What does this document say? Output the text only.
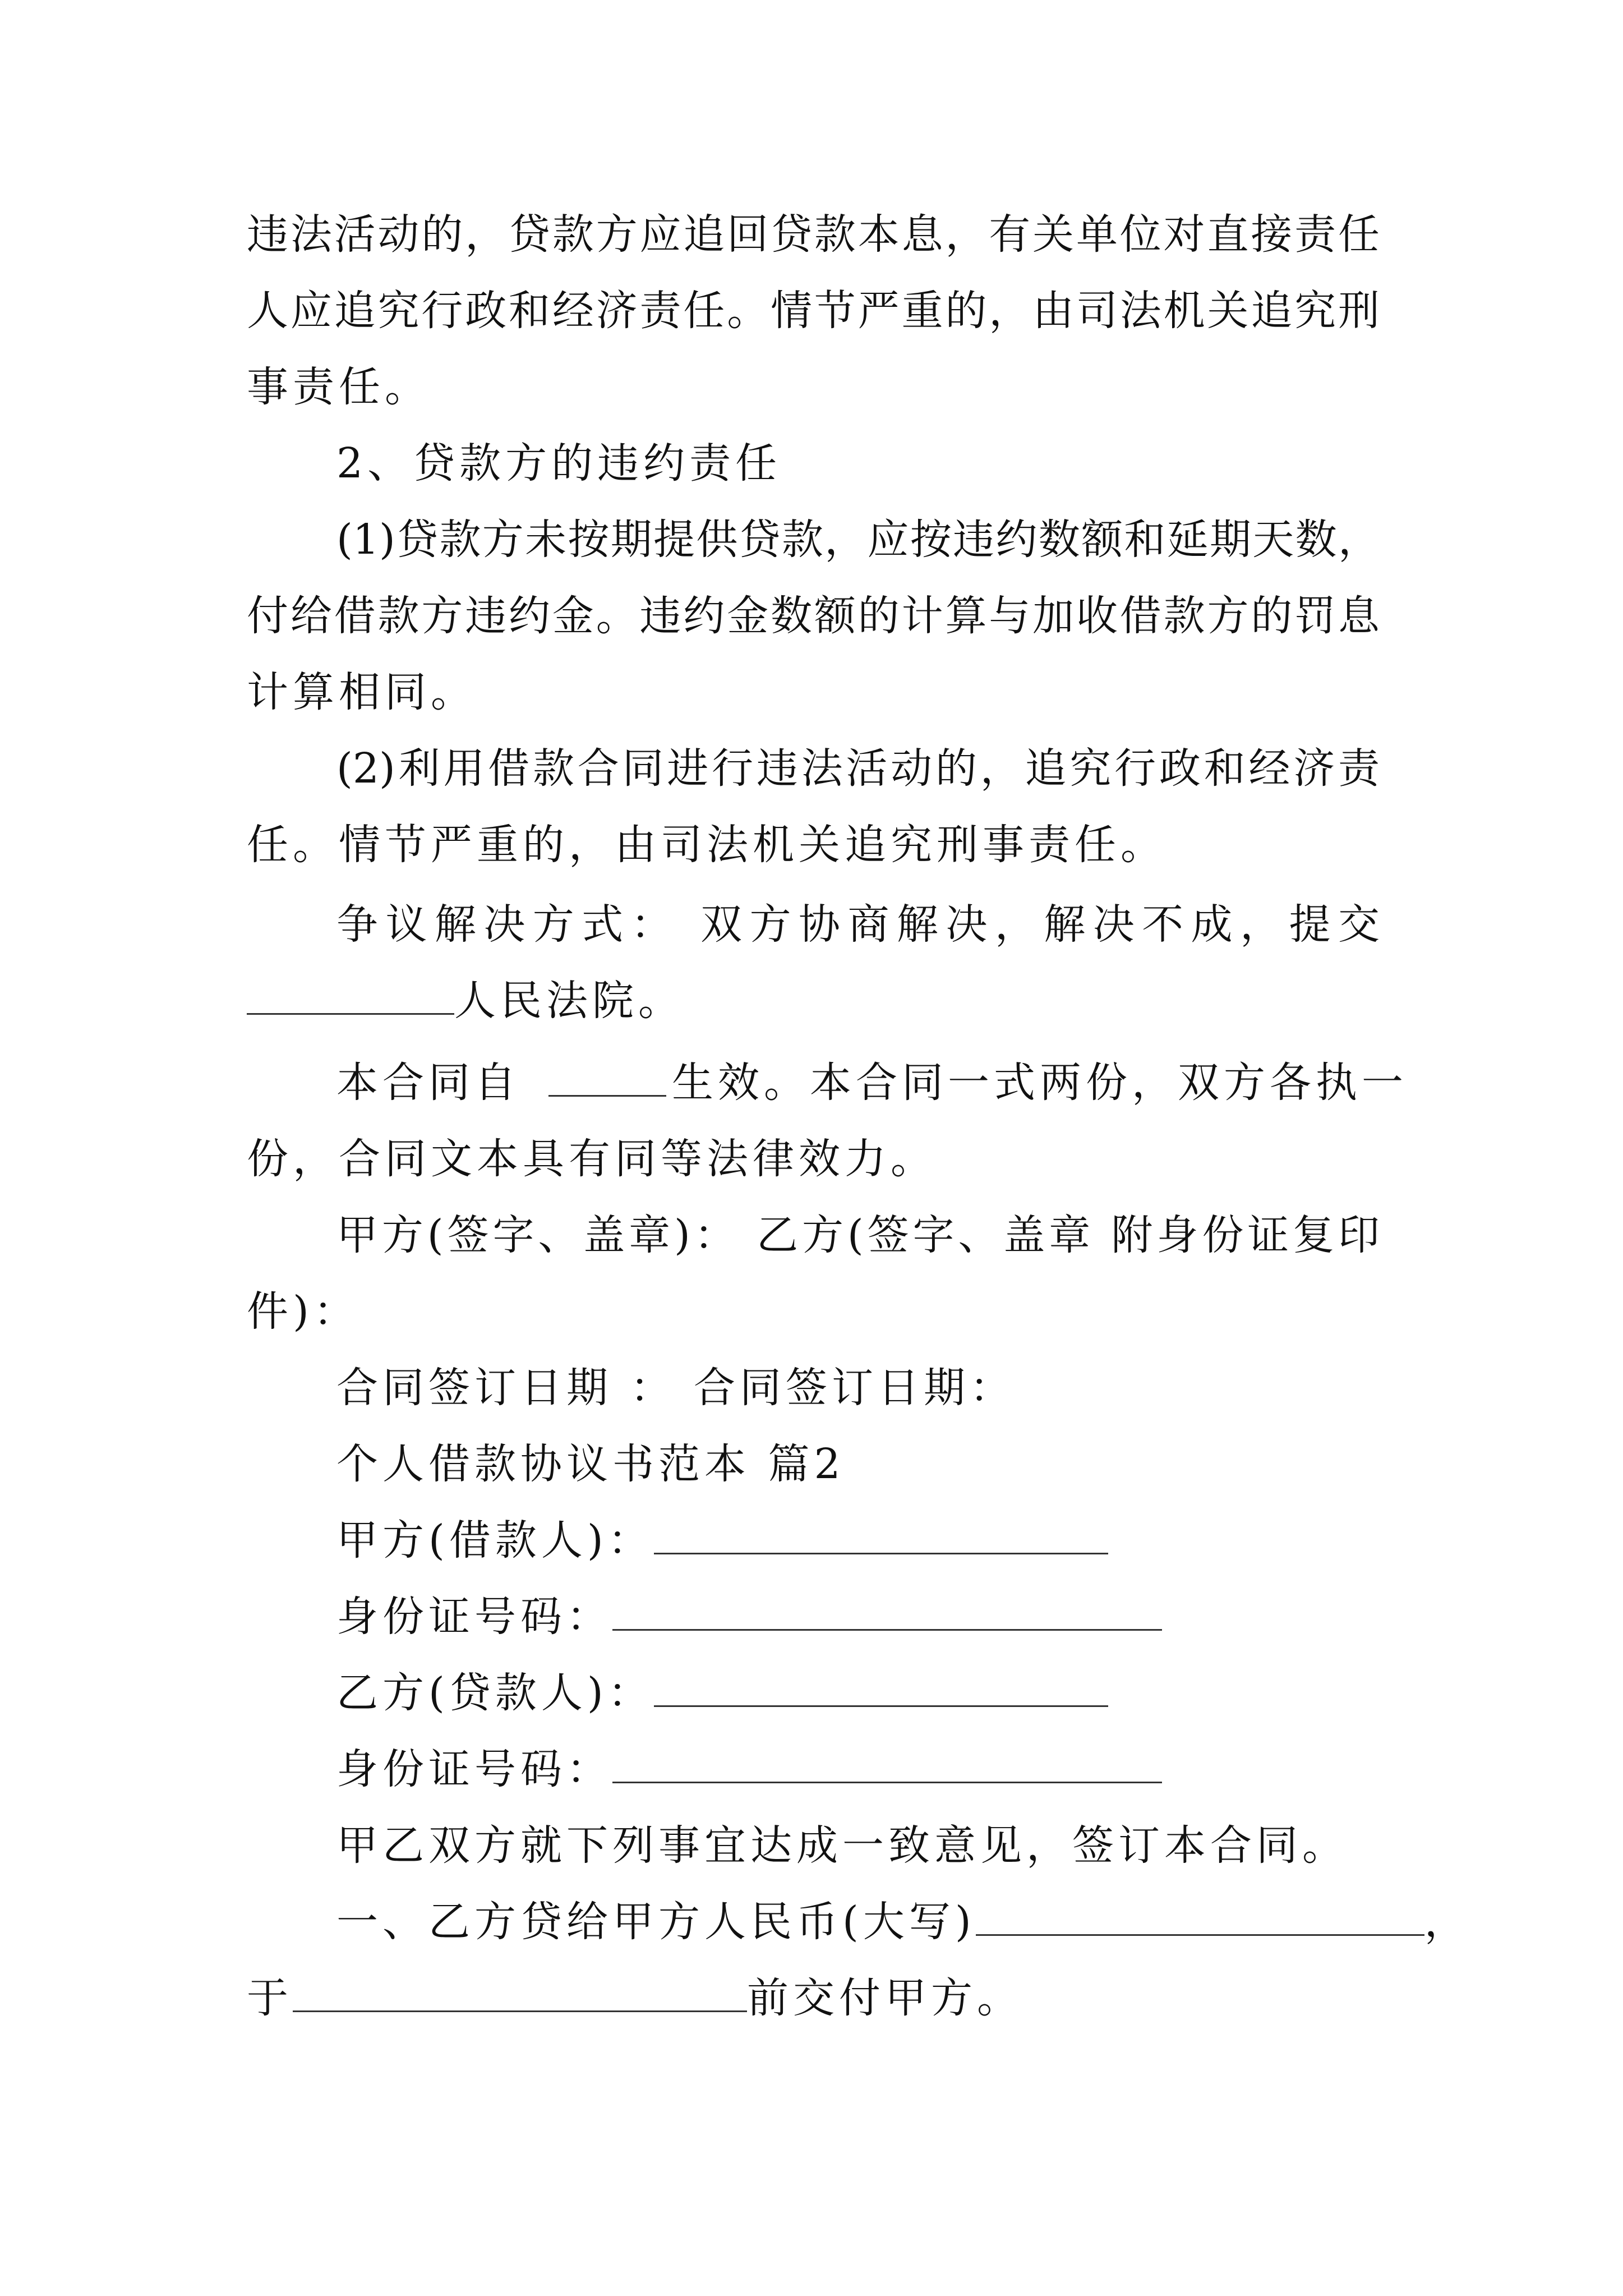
违法活动的，贷款方应追回贷款本息，有关单位对直接责任
人应追究行政和经济责任。情节严重的，由司法机关追究刑
事责任。
2、贷款方的违约责任
(1)贷款方未按期提供贷款，应按违约数额和延期天数，
付给借款方违约金。违约金数额的计算与加收借款方的罚息
计算相同。
(2)利用借款合同进行违法活动的，追究行政和经济责
任。情节严重的，由司法机关追究刑事责任。
争议解决方式： 双方协商解决，解决不成，提交
人民法院。
本合同自	生效。本合同一式两份，双方各执一
份，合同文本具有同等法律效力。
甲方(签字、盖章)： 乙方(签字、盖章 附身份证复印
件)：
合同签订日期 ： 合同签订日期：
个人借款协议书范本 篇2
甲方(借款人)：
身份证号码：
乙方(贷款人)：
身份证号码：
甲乙双方就下列事宜达成一致意见，签订本合同。
一、乙方贷给甲方人民币(大写)	，
于	前交付甲方。
